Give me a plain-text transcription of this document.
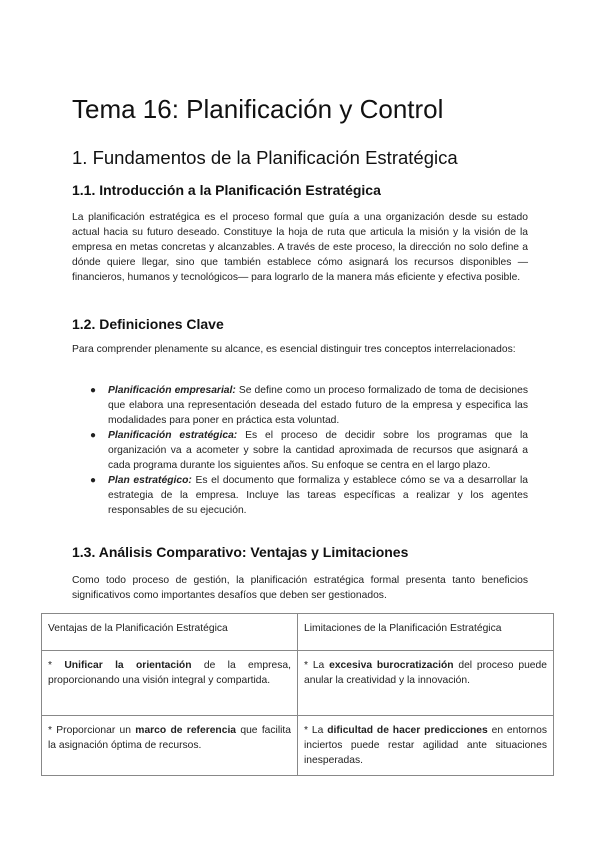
Tema 16: Planificación y Control
1. Fundamentos de la Planificación Estratégica
1.1. Introducción a la Planificación Estratégica

La planificación estratégica es el proceso formal que guía a una organización desde su estado actual hacia su futuro deseado. Constituye la hoja de ruta que articula la misión y la visión de la empresa en metas concretas y alcanzables. A través de este proceso, la dirección no solo define a dónde quiere llegar, sino que también establece cómo asignará los recursos disponibles —financieros, humanos y tecnológicos— para lograrlo de la manera más eficiente y efectiva posible.

1.2. Definiciones Clave

Para comprender plenamente su alcance, es esencial distinguir tres conceptos interrelacionados:

● Planificación empresarial: Se define como un proceso formalizado de toma de decisiones que elabora una representación deseada del estado futuro de la empresa y especifica las modalidades para poner en práctica esta voluntad.
● Planificación estratégica: Es el proceso de decidir sobre los programas que la organización va a acometer y sobre la cantidad aproximada de recursos que asignará a cada programa durante los siguientes años. Su enfoque se centra en el largo plazo.
● Plan estratégico: Es el documento que formaliza y establece cómo se va a desarrollar la estrategia de la empresa. Incluye las tareas específicas a realizar y los agentes responsables de su ejecución.
1.3. Análisis Comparativo: Ventajas y Limitaciones

Como todo proceso de gestión, la planificación estratégica formal presenta tanto beneficios significativos como importantes desafíos que deben ser gestionados.

Ventajas de la Planificación Estratégica	Limitaciones de la Planificación Estratégica
* Unificar la orientación de la empresa, proporcionando una visión integral y compartida.	* La excesiva burocratización del proceso puede anular la creatividad y la innovación.
* Proporcionar un marco de referencia que facilita la asignación óptima de recursos.	* La dificultad de hacer predicciones en entornos inciertos puede restar agilidad ante situaciones inesperadas.
